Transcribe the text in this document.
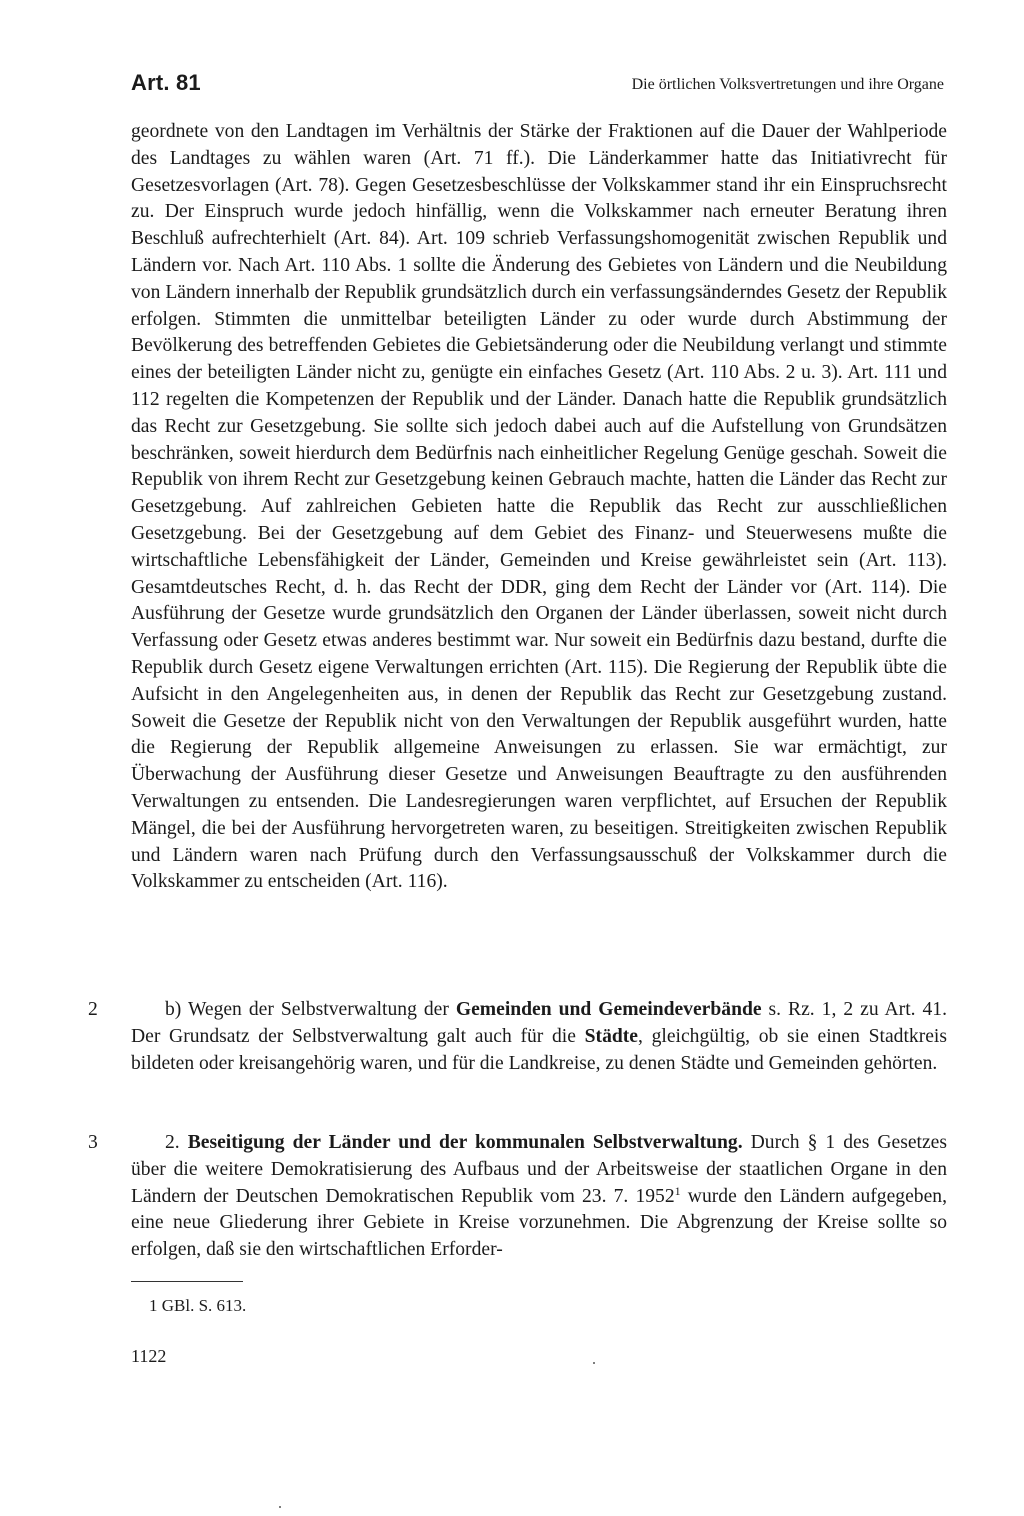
Art. 81	Die örtlichen Volksvertretungen und ihre Organe

geordnete von den Landtagen im Verhältnis der Stärke der Fraktionen auf die Dauer der Wahlperiode des Landtages zu wählen waren (Art. 71 ff.). Die Länderkammer hatte das Initiativrecht für Gesetzesvorlagen (Art. 78). Gegen Gesetzesbeschlüsse der Volkskammer stand ihr ein Einspruchsrecht zu. Der Einspruch wurde jedoch hinfällig, wenn die Volkskammer nach erneuter Beratung ihren Beschluß aufrechterhielt (Art. 84). Art. 109 schrieb Verfassungshomogenität zwischen Republik und Ländern vor. Nach Art. 110 Abs. 1 sollte die Änderung des Gebietes von Ländern und die Neubildung von Ländern innerhalb der Republik grundsätzlich durch ein verfassungsänderndes Gesetz der Republik erfolgen. Stimmten die unmittelbar beteiligten Länder zu oder wurde durch Abstimmung der Bevölkerung des betreffenden Gebietes die Gebietsänderung oder die Neubildung verlangt und stimmte eines der beteiligten Länder nicht zu, genügte ein einfaches Gesetz (Art. 110 Abs. 2 u. 3). Art. 111 und 112 regelten die Kompetenzen der Republik und der Länder. Danach hatte die Republik grundsätzlich das Recht zur Gesetzgebung. Sie sollte sich jedoch dabei auch auf die Aufstellung von Grundsätzen beschränken, soweit hierdurch dem Bedürfnis nach einheitlicher Regelung Genüge geschah. Soweit die Republik von ihrem Recht zur Gesetzgebung keinen Gebrauch machte, hatten die Länder das Recht zur Gesetzgebung. Auf zahlreichen Gebieten hatte die Republik das Recht zur ausschließlichen Gesetzgebung. Bei der Gesetzgebung auf dem Gebiet des Finanz- und Steuerwesens mußte die wirtschaftliche Lebensfähigkeit der Länder, Gemeinden und Kreise gewährleistet sein (Art. 113). Gesamtdeutsches Recht, d. h. das Recht der DDR, ging dem Recht der Länder vor (Art. 114). Die Ausführung der Gesetze wurde grundsätzlich den Organen der Länder überlassen, soweit nicht durch Verfassung oder Gesetz etwas anderes bestimmt war. Nur soweit ein Bedürfnis dazu bestand, durfte die Republik durch Gesetz eigene Verwaltungen errichten (Art. 115). Die Regierung der Republik übte die Aufsicht in den Angelegenheiten aus, in denen der Republik das Recht zur Gesetzgebung zustand. Soweit die Gesetze der Republik nicht von den Verwaltungen der Republik ausgeführt wurden, hatte die Regierung der Republik allgemeine Anweisungen zu erlassen. Sie war ermächtigt, zur Überwachung der Ausführung dieser Gesetze und Anweisungen Beauftragte zu den ausführenden Verwaltungen zu entsenden. Die Landesregierungen waren verpflichtet, auf Ersuchen der Republik Mängel, die bei der Ausführung hervorgetreten waren, zu beseitigen. Streitigkeiten zwischen Republik und Ländern waren nach Prüfung durch den Verfassungsausschuß der Volkskammer durch die Volkskammer zu entscheiden (Art. 116).

2	b) Wegen der Selbstverwaltung der Gemeinden und Gemeindeverbände s. Rz. 1, 2 zu Art. 41. Der Grundsatz der Selbstverwaltung galt auch für die Städte, gleichgültig, ob sie einen Stadtkreis bildeten oder kreisangehörig waren, und für die Landkreise, zu denen Städte und Gemeinden gehörten.

3	2. Beseitigung der Länder und der kommunalen Selbstverwaltung. Durch § 1 des Gesetzes über die weitere Demokratisierung des Aufbaus und der Arbeitsweise der staatlichen Organe in den Ländern der Deutschen Demokratischen Republik vom 23. 7. 1952$^1$ wurde den Ländern aufgegeben, eine neue Gliederung ihrer Gebiete in Kreise vorzunehmen. Die Abgrenzung der Kreise sollte so erfolgen, daß sie den wirtschaftlichen Erforder-

1 GBl. S. 613.
1122
